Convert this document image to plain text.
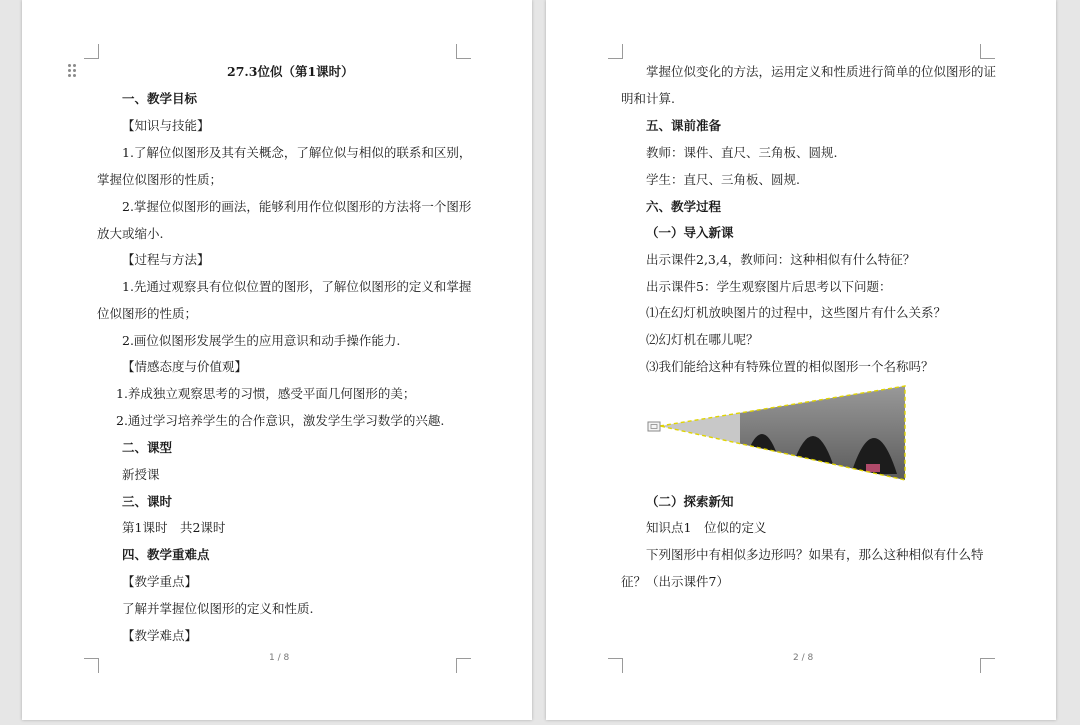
27.3位似（第1课时）
一、教学目标
【知识与技能】
1.了解位似图形及其有关概念，了解位似与相似的联系和区别，
掌握位似图形的性质；
2.掌握位似图形的画法，能够利用作位似图形的方法将一个图形
放大或缩小.
【过程与方法】
1.先通过观察具有位似位置的图形，了解位似图形的定义和掌握
位似图形的性质；
2.画位似图形发展学生的应用意识和动手操作能力.
【情感态度与价值观】
1.养成独立观察思考的习惯，感受平面几何图形的美；
2.通过学习培养学生的合作意识，激发学生学习数学的兴趣.
二、课型
新授课
三、课时
第1课时　共2课时
四、教学重难点
【教学重点】
了解并掌握位似图形的定义和性质.
【教学难点】
1 / 8
掌握位似变化的方法，运用定义和性质进行简单的位似图形的证
明和计算.
五、课前准备
教师：课件、直尺、三角板、圆规.
学生：直尺、三角板、圆规.
六、教学过程
（一）导入新课
出示课件2,3,4，教师问：这种相似有什么特征？
出示课件5：学生观察图片后思考以下问题：
⑴在幻灯机放映图片的过程中，这些图片有什么关系？
⑵幻灯机在哪儿呢？
⑶我们能给这种有特殊位置的相似图形一个名称吗？
（二）探索新知
知识点1　位似的定义
下列图形中有相似多边形吗？如果有，那么这种相似有什么特
征？（出示课件7）
2 / 8
